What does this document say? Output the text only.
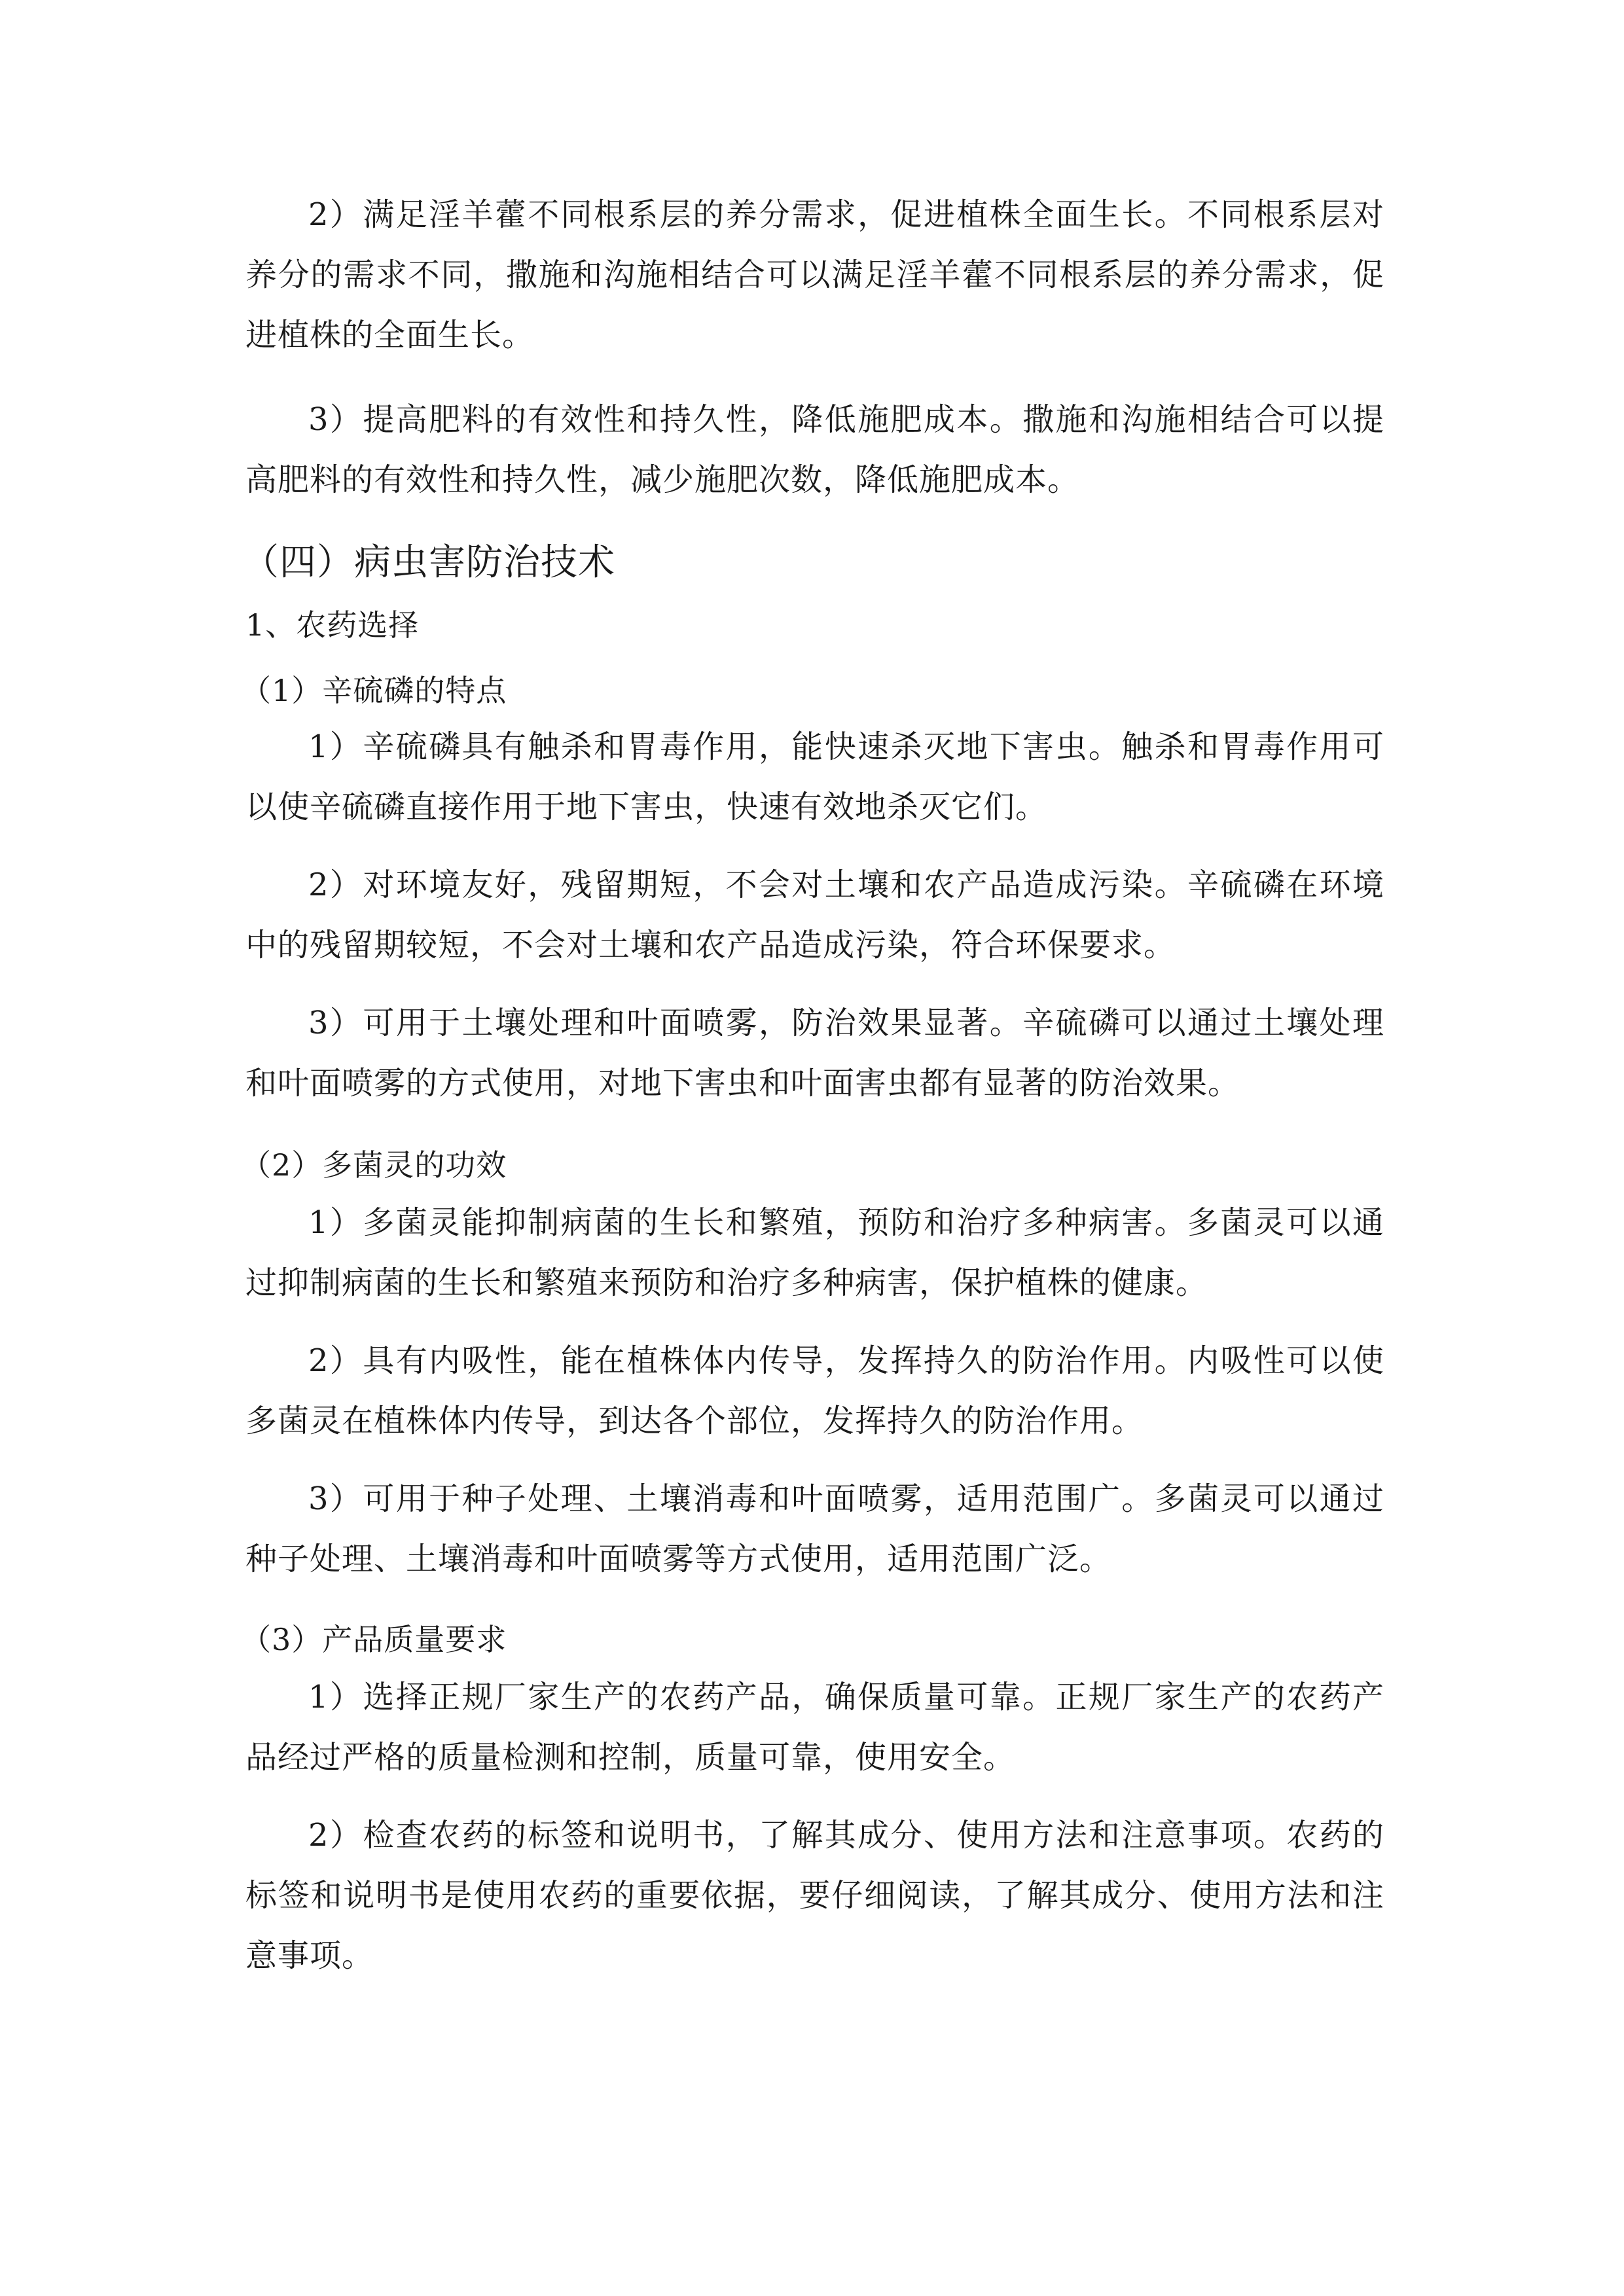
2）满足淫羊藿不同根系层的养分需求，促进植株全面生长。不同根系层对养分的需求不同，撒施和沟施相结合可以满足淫羊藿不同根系层的养分需求，促进植株的全面生长。

3）提高肥料的有效性和持久性，降低施肥成本。撒施和沟施相结合可以提高肥料的有效性和持久性，减少施肥次数，降低施肥成本。

（四）病虫害防治技术
1、农药选择
（1）辛硫磷的特点

1）辛硫磷具有触杀和胃毒作用，能快速杀灭地下害虫。触杀和胃毒作用可以使辛硫磷直接作用于地下害虫，快速有效地杀灭它们。

2）对环境友好，残留期短，不会对土壤和农产品造成污染。辛硫磷在环境中的残留期较短，不会对土壤和农产品造成污染，符合环保要求。

3）可用于土壤处理和叶面喷雾，防治效果显著。辛硫磷可以通过土壤处理和叶面喷雾的方式使用，对地下害虫和叶面害虫都有显著的防治效果。

（2）多菌灵的功效

1）多菌灵能抑制病菌的生长和繁殖，预防和治疗多种病害。多菌灵可以通过抑制病菌的生长和繁殖来预防和治疗多种病害，保护植株的健康。

2）具有内吸性，能在植株体内传导，发挥持久的防治作用。内吸性可以使多菌灵在植株体内传导，到达各个部位，发挥持久的防治作用。

3）可用于种子处理、土壤消毒和叶面喷雾，适用范围广。多菌灵可以通过种子处理、土壤消毒和叶面喷雾等方式使用，适用范围广泛。

（3）产品质量要求

1）选择正规厂家生产的农药产品，确保质量可靠。正规厂家生产的农药产品经过严格的质量检测和控制，质量可靠，使用安全。

2）检查农药的标签和说明书，了解其成分、使用方法和注意事项。农药的标签和说明书是使用农药的重要依据，要仔细阅读，了解其成分、使用方法和注意事项。
